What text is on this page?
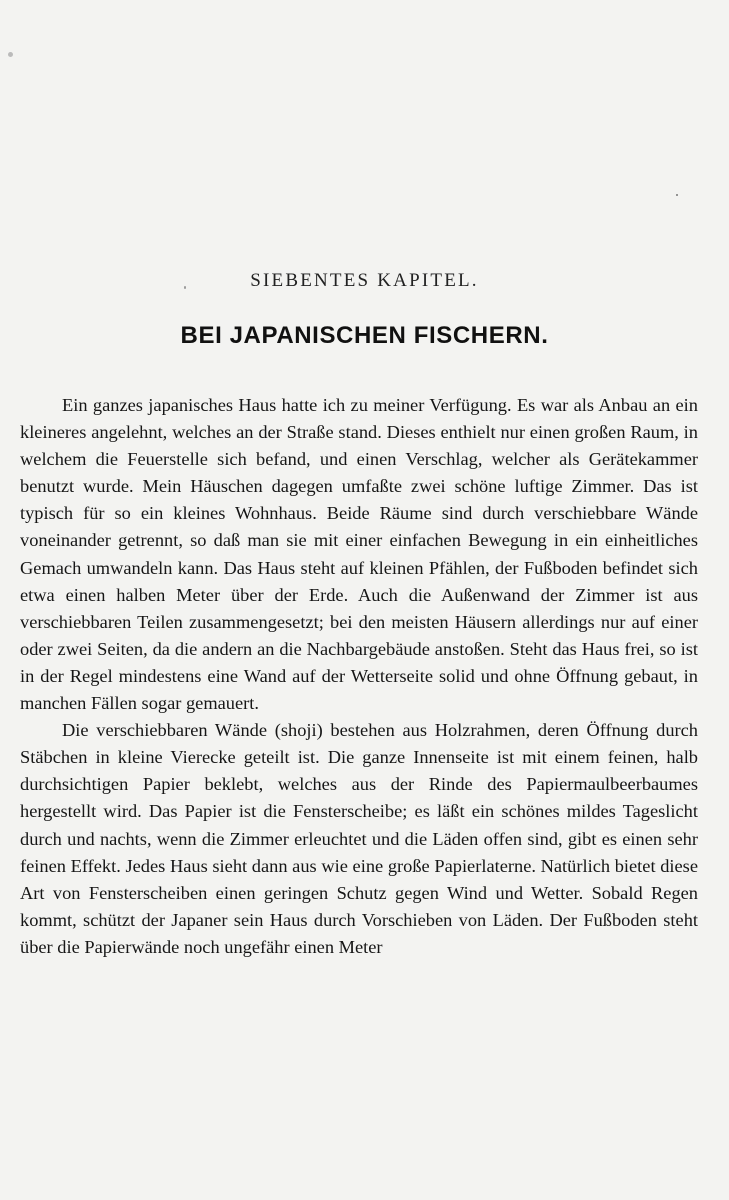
SIEBENTES KAPITEL.
BEI JAPANISCHEN FISCHERN.

Ein ganzes japanisches Haus hatte ich zu meiner Verfügung. Es war als Anbau an ein kleineres angelehnt, welches an der Straße stand. Dieses enthielt nur einen großen Raum, in welchem die Feuerstelle sich befand, und einen Verschlag, welcher als Gerätekammer benutzt wurde. Mein Häuschen dagegen umfaßte zwei schöne luftige Zimmer. Das ist typisch für so ein kleines Wohnhaus. Beide Räume sind durch verschiebbare Wände voneinander getrennt, so daß man sie mit einer einfachen Bewegung in ein einheitliches Gemach umwandeln kann. Das Haus steht auf kleinen Pfählen, der Fußboden befindet sich etwa einen halben Meter über der Erde. Auch die Außenwand der Zimmer ist aus verschiebbaren Teilen zusammengesetzt; bei den meisten Häusern allerdings nur auf einer oder zwei Seiten, da die andern an die Nachbargebäude anstoßen. Steht das Haus frei, so ist in der Regel mindestens eine Wand auf der Wetterseite solid und ohne Öffnung gebaut, in manchen Fällen sogar gemauert.

Die verschiebbaren Wände (shoji) bestehen aus Holzrahmen, deren Öffnung durch Stäbchen in kleine Vierecke geteilt ist. Die ganze Innenseite ist mit einem feinen, halb durchsichtigen Papier beklebt, welches aus der Rinde des Papiermaulbeerbaumes hergestellt wird. Das Papier ist die Fensterscheibe; es läßt ein schönes mildes Tageslicht durch und nachts, wenn die Zimmer erleuchtet und die Läden offen sind, gibt es einen sehr feinen Effekt. Jedes Haus sieht dann aus wie eine große Papierlaterne. Natürlich bietet diese Art von Fensterscheiben einen geringen Schutz gegen Wind und Wetter. Sobald Regen kommt, schützt der Japaner sein Haus durch Vorschieben von Läden. Der Fußboden steht über die Papierwände noch ungefähr einen Meter
